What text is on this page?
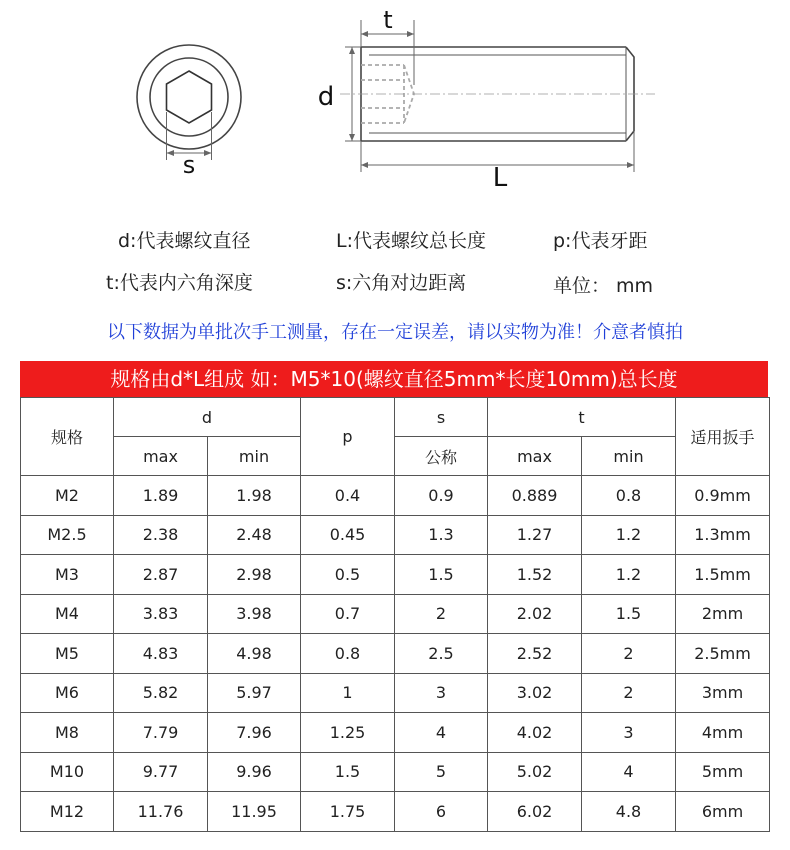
s
t
d
L
d:代表螺纹直径	L:代表螺纹总长度	p:代表牙距
t:代表内六角深度	s:六角对边距离	单位： mm
以下数据为单批次手工测量，存在一定误差，请以实物为准！介意者慎拍
规格由d*L组成 如：M5*10(螺纹直径5mm*长度10mm)总长度
规格	d		p	s	t		适用扳手
	max	min		公称	max	min	
M2	1.89	1.98	0.4	0.9	0.889	0.8	0.9mm
M2.5	2.38	2.48	0.45	1.3	1.27	1.2	1.3mm
M3	2.87	2.98	0.5	1.5	1.52	1.2	1.5mm
M4	3.83	3.98	0.7	2	2.02	1.5	2mm
M5	4.83	4.98	0.8	2.5	2.52	2	2.5mm
M6	5.82	5.97	1	3	3.02	2	3mm
M8	7.79	7.96	1.25	4	4.02	3	4mm
M10	9.77	9.96	1.5	5	5.02	4	5mm
M12	11.76	11.95	1.75	6	6.02	4.8	6mm
